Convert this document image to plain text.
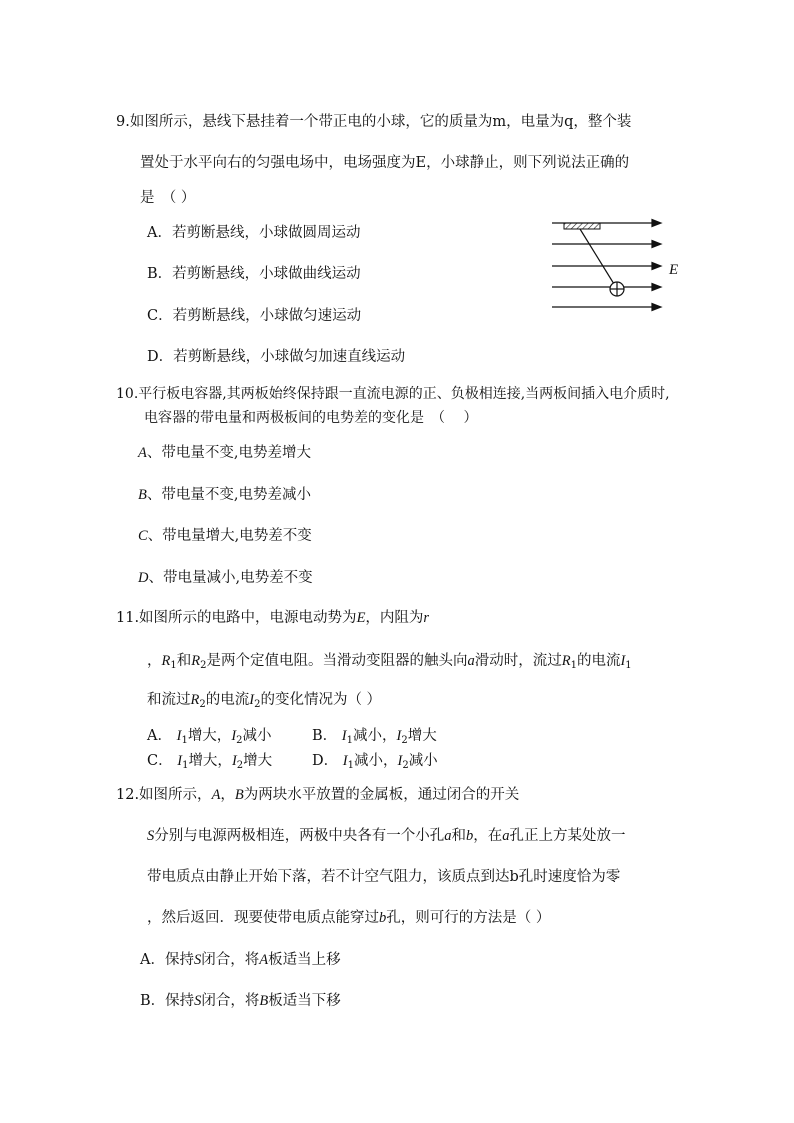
9.如图所示，悬线下悬挂着一个带正电的小球，它的质量为m，电量为q，整个装
置处于水平向右的匀强电场中，电场强度为E，小球静止，则下列说法正确的
是　（ ）
A．若剪断悬线，小球做圆周运动
B．若剪断悬线，小球做曲线运动
C．若剪断悬线，小球做匀速运动
D．若剪断悬线，小球做匀加速直线运动
E
10.平行板电容器,其两板始终保持跟一直流电源的正、负极相连接,当两板间插入电介质时,
电容器的带电量和两极板间的电势差的变化是　（　 ）
A、带电量不变,电势差增大
B、带电量不变,电势差减小
C、带电量增大,电势差不变
D、带电量减小,电势差不变
11.如图所示的电路中，电源电动势为E，内阻为r
，$R_1$和$R_2$是两个定值电阻。当滑动变阻器的触头向a滑动时，流过$R_1$的电流$I_1$
和流过$R_2$的电流$I_2$的变化情况为（ ）
A． $I_1$增大，$I_2$减小	B． $I_1$减小，$I_2$增大
C． $I_1$增大，$I_2$增大	D． $I_1$减小，$I_2$减小
12.如图所示，A，B为两块水平放置的金属板，通过闭合的开关
S分别与电源两极相连，两极中央各有一个小孔a和b，在a孔正上方某处放一
带电质点由静止开始下落，若不计空气阻力，该质点到达b孔时速度恰为零
，然后返回．现要使带电质点能穿过b孔，则可行的方法是（ ）
A．保持S闭合，将A板适当上移
B．保持S闭合，将B板适当下移
